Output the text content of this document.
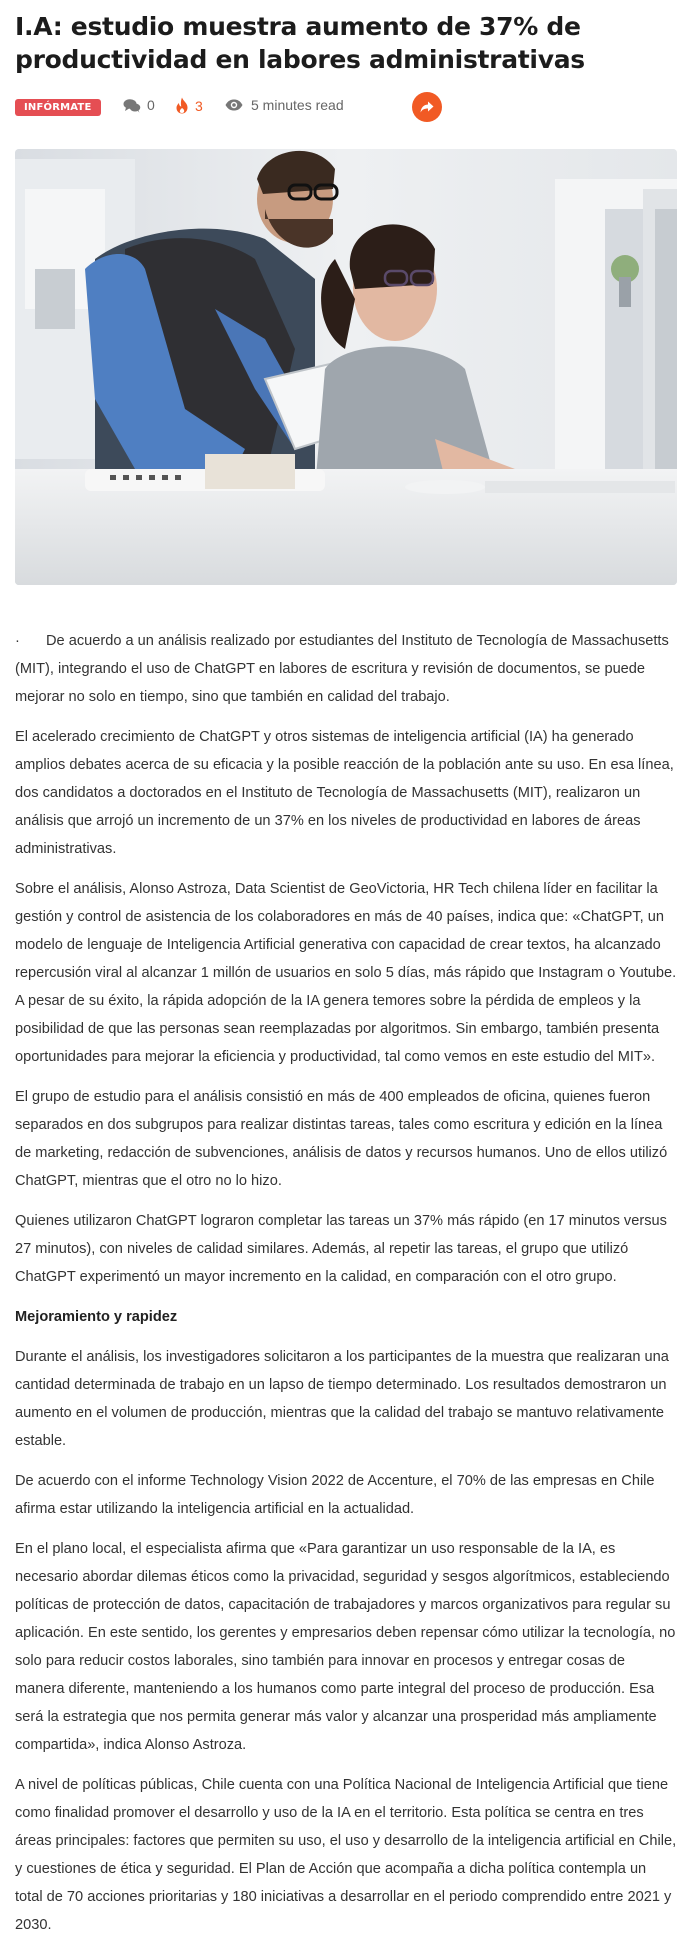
I.A: estudio muestra aumento de 37% de productividad en labores administrativas
INFÓRMATE	0	3	5 minutes read

· De acuerdo a un análisis realizado por estudiantes del Instituto de Tecnología de Massachusetts (MIT), integrando el uso de ChatGPT en labores de escritura y revisión de documentos, se puede mejorar no solo en tiempo, sino que también en calidad del trabajo.

El acelerado crecimiento de ChatGPT y otros sistemas de inteligencia artificial (IA) ha generado amplios debates acerca de su eficacia y la posible reacción de la población ante su uso. En esa línea, dos candidatos a doctorados en el Instituto de Tecnología de Massachusetts (MIT), realizaron un análisis que arrojó un incremento de un 37% en los niveles de productividad en labores de áreas administrativas.

Sobre el análisis, Alonso Astroza, Data Scientist de GeoVictoria, HR Tech chilena líder en facilitar la gestión y control de asistencia de los colaboradores en más de 40 países, indica que: «ChatGPT, un modelo de lenguaje de Inteligencia Artificial generativa con capacidad de crear textos, ha alcanzado repercusión viral al alcanzar 1 millón de usuarios en solo 5 días, más rápido que Instagram o Youtube. A pesar de su éxito, la rápida adopción de la IA genera temores sobre la pérdida de empleos y la posibilidad de que las personas sean reemplazadas por algoritmos. Sin embargo, también presenta oportunidades para mejorar la eficiencia y productividad, tal como vemos en este estudio del MIT».

El grupo de estudio para el análisis consistió en más de 400 empleados de oficina, quienes fueron separados en dos subgrupos para realizar distintas tareas, tales como escritura y edición en la línea de marketing, redacción de subvenciones, análisis de datos y recursos humanos. Uno de ellos utilizó ChatGPT, mientras que el otro no lo hizo.

Quienes utilizaron ChatGPT lograron completar las tareas un 37% más rápido (en 17 minutos versus 27 minutos), con niveles de calidad similares. Además, al repetir las tareas, el grupo que utilizó ChatGPT experimentó un mayor incremento en la calidad, en comparación con el otro grupo.

Mejoramiento y rapidez

Durante el análisis, los investigadores solicitaron a los participantes de la muestra que realizaran una cantidad determinada de trabajo en un lapso de tiempo determinado. Los resultados demostraron un aumento en el volumen de producción, mientras que la calidad del trabajo se mantuvo relativamente estable.

De acuerdo con el informe Technology Vision 2022 de Accenture, el 70% de las empresas en Chile afirma estar utilizando la inteligencia artificial en la actualidad.

En el plano local, el especialista afirma que «Para garantizar un uso responsable de la IA, es necesario abordar dilemas éticos como la privacidad, seguridad y sesgos algorítmicos, estableciendo políticas de protección de datos, capacitación de trabajadores y marcos organizativos para regular su aplicación. En este sentido, los gerentes y empresarios deben repensar cómo utilizar la tecnología, no solo para reducir costos laborales, sino también para innovar en procesos y entregar cosas de manera diferente, manteniendo a los humanos como parte integral del proceso de producción. Esa será la estrategia que nos permita generar más valor y alcanzar una prosperidad más ampliamente compartida», indica Alonso Astroza.

A nivel de políticas públicas, Chile cuenta con una Política Nacional de Inteligencia Artificial que tiene como finalidad promover el desarrollo y uso de la IA en el territorio. Esta política se centra en tres áreas principales: factores que permiten su uso, el uso y desarrollo de la inteligencia artificial en Chile, y cuestiones de ética y seguridad. El Plan de Acción que acompaña a dicha política contempla un total de 70 acciones prioritarias y 180 iniciativas a desarrollar en el periodo comprendido entre 2021 y 2030.
